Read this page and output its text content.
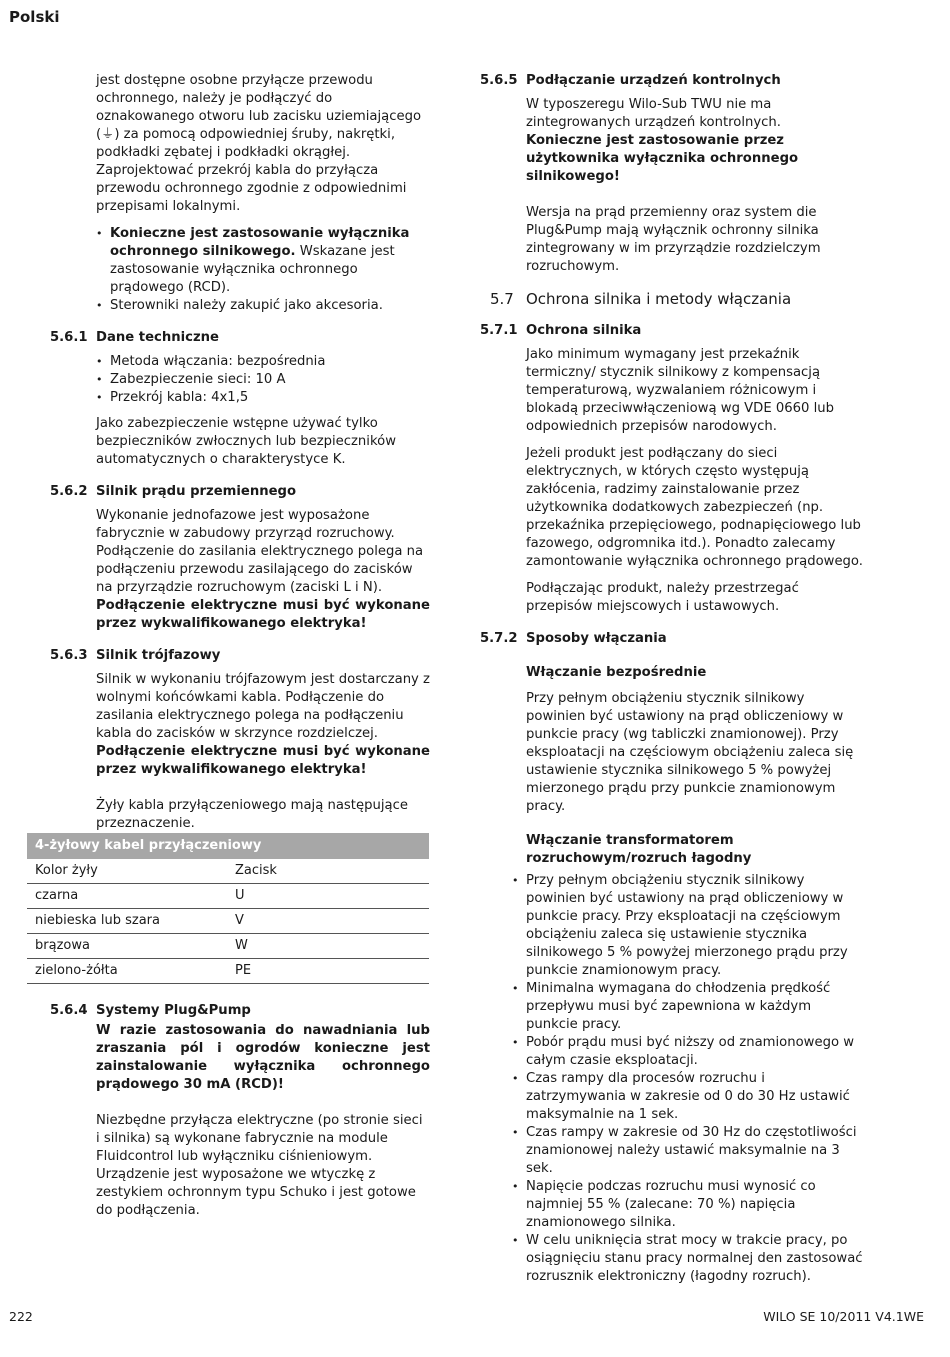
Polski

jest dostępne osobne przyłącze przewodu ochronnego, należy je podłączyć do oznakowanego otworu lub zacisku uziemiającego (⏚) za pomocą odpowiedniej śruby, nakrętki, podkładki zębatej i podkładki okrągłej. Zaprojektować przekrój kabla do przyłącza przewodu ochronnego zgodnie z odpowiednimi przepisami lokalnymi.

• Konieczne jest zastosowanie wyłącznika ochronnego silnikowego. Wskazane jest zastosowanie wyłącznika ochronnego prądowego (RCD).
• Sterowniki należy zakupić jako akcesoria.
5.6.1 Dane techniczne
• Metoda włączania: bezpośrednia
• Zabezpieczenie sieci: 10 A
• Przekrój kabla: 4x1,5

Jako zabezpieczenie wstępne używać tylko bezpieczników zwłocznych lub bezpieczników automatycznych o charakterystyce K.

5.6.2 Silnik prądu przemiennego

Wykonanie jednofazowe jest wyposażone fabrycznie w zabudowy przyrząd rozruchowy. Podłączenie do zasilania elektrycznego polega na podłączeniu przewodu zasilającego do zacisków na przyrządzie rozruchowym (zaciski L i N).

Podłączenie elektryczne musi być wykonane przez wykwalifikowanego elektryka!

5.6.3 Silnik trójfazowy

Silnik w wykonaniu trójfazowym jest dostarczany z wolnymi końcówkami kabla. Podłączenie do zasilania elektrycznego polega na podłączeniu kabla do zacisków w skrzynce rozdzielczej.

Podłączenie elektryczne musi być wykonane przez wykwalifikowanego elektryka!

Żyły kabla przyłączeniowego mają następujące przeznaczenie.

4-żyłowy kabel przyłączeniowy	
Kolor żyły	Zacisk
czarna	U
niebieska lub szara	V
brązowa	W
zielono-żółta	PE
5.6.4 Systemy Plug&Pump

W razie zastosowania do nawadniania lub zraszania pól i ogrodów konieczne jest zainstalowanie wyłącznika ochronnego prądowego 30 mA (RCD)!

Niezbędne przyłącza elektryczne (po stronie sieci i silnika) są wykonane fabrycznie na module Fluidcontrol lub wyłączniku ciśnieniowym. Urządzenie jest wyposażone we wtyczkę z zestykiem ochronnym typu Schuko i jest gotowe do podłączenia.

5.6.5 Podłączanie urządzeń kontrolnych

W typoszeregu Wilo-Sub TWU nie ma zintegrowanych urządzeń kontrolnych.

Konieczne jest zastosowanie przez użytkownika wyłącznika ochronnego silnikowego!

Wersja na prąd przemienny oraz system die Plug&Pump mają wyłącznik ochronny silnika zintegrowany w im przyrządzie rozdzielczym rozruchowym.

5.7 Ochrona silnika i metody włączania
5.7.1 Ochrona silnika

Jako minimum wymagany jest przekaźnik termiczny/ stycznik silnikowy z kompensacją temperaturową, wyzwalaniem różnicowym i blokadą przeciwwłączeniową wg VDE 0660 lub odpowiednich przepisów narodowych.

Jeżeli produkt jest podłączany do sieci elektrycznych, w których często występują zakłócenia, radzimy zainstalowanie przez użytkownika dodatkowych zabezpieczeń (np. przekaźnika przepięciowego, podnapięciowego lub fazowego, odgromnika itd.). Ponadto zalecamy zamontowanie wyłącznika ochronnego prądowego.

Podłączając produkt, należy przestrzegać przepisów miejscowych i ustawowych.

5.7.2 Sposoby włączania
Włączanie bezpośrednie

Przy pełnym obciążeniu stycznik silnikowy powinien być ustawiony na prąd obliczeniowy w punkcie pracy (wg tabliczki znamionowej). Przy eksploatacji na częściowym obciążeniu zaleca się ustawienie stycznika silnikowego 5 % powyżej mierzonego prądu przy punkcie znamionowym pracy.

Włączanie transformatorem rozruchowym/rozruch łagodny
• Przy pełnym obciążeniu stycznik silnikowy powinien być ustawiony na prąd obliczeniowy w punkcie pracy. Przy eksploatacji na częściowym obciążeniu zaleca się ustawienie stycznika silnikowego 5 % powyżej mierzonego prądu przy punkcie znamionowym pracy.
• Minimalna wymagana do chłodzenia prędkość przepływu musi być zapewniona w każdym punkcie pracy.
• Pobór prądu musi być niższy od znamionowego w całym czasie eksploatacji.
• Czas rampy dla procesów rozruchu i zatrzymywania w zakresie od 0 do 30 Hz ustawić maksymalnie na 1 sek.
• Czas rampy w zakresie od 30 Hz do częstotliwości znamionowej należy ustawić maksymalnie na 3 sek.
• Napięcie podczas rozruchu musi wynosić co najmniej 55 % (zalecane: 70 %) napięcia znamionowego silnika.
• W celu uniknięcia strat mocy w trakcie pracy, po osiągnięciu stanu pracy normalnej den zastosować rozrusznik elektroniczny (łagodny rozruch).
222	WILO SE 10/2011 V4.1WE
